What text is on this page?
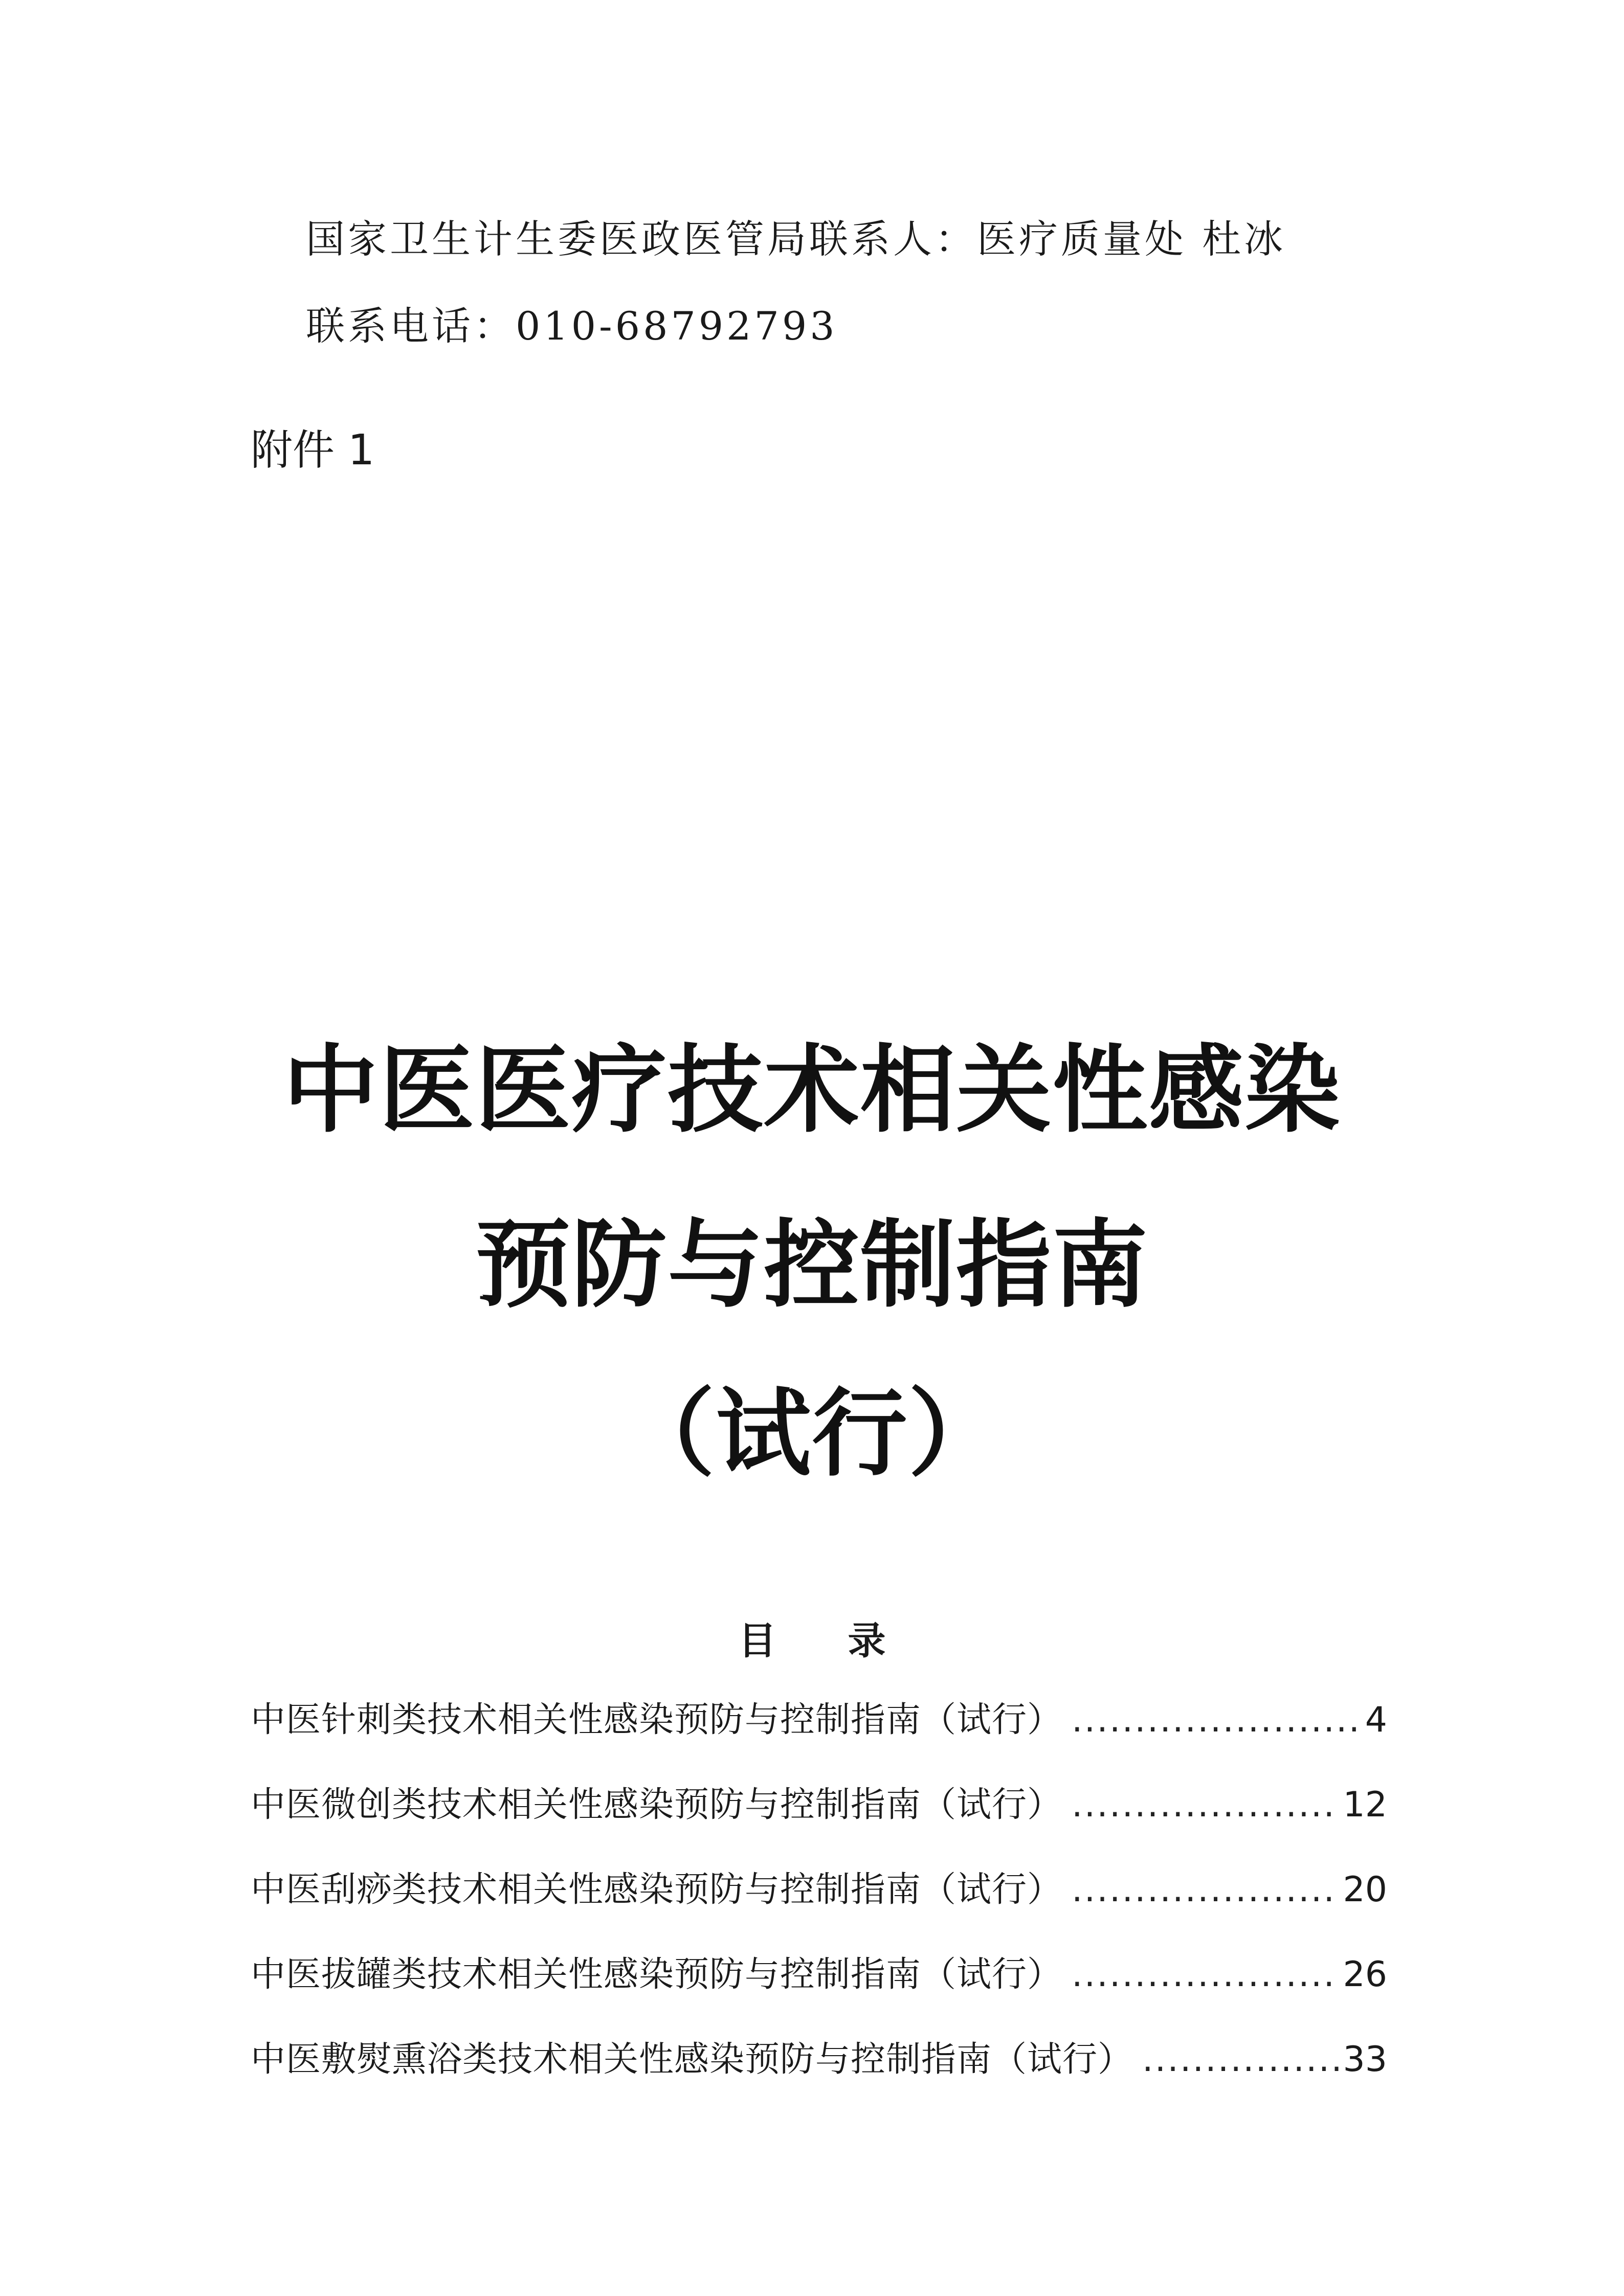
国家卫生计生委医政医管局联系人：医疗质量处 杜冰
联系电话：010-68792793
附件 1
中医医疗技术相关性感染
预防与控制指南
（试行）
目录
中医针刺类技术相关性感染预防与控制指南（试行） .....	4
中医微创类技术相关性感染预防与控制指南（试行） .....	12
中医刮痧类技术相关性感染预防与控制指南（试行） .....	20
中医拔罐类技术相关性感染预防与控制指南（试行） .....	26
中医敷熨熏浴类技术相关性感染预防与控制指南（试行） .....	33
